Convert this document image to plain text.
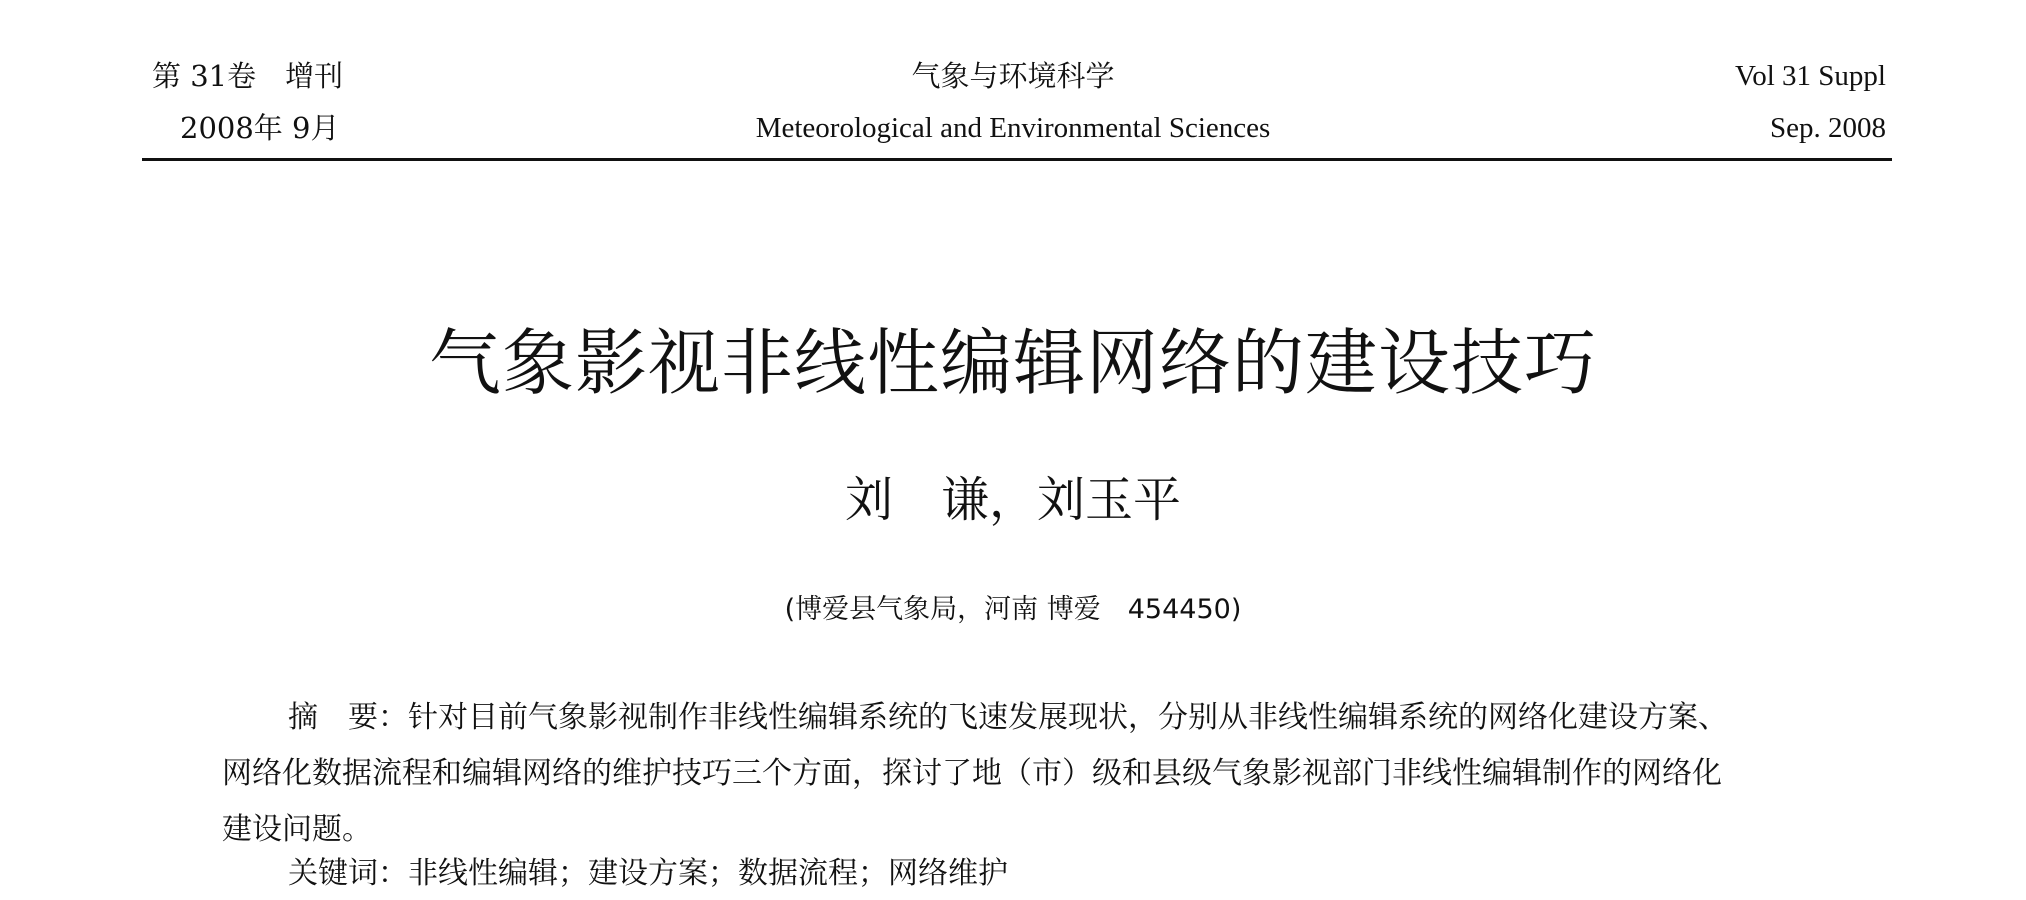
第 31卷　增刊
2008年 9月
气象与环境科学
Meteorological and Environmental Sciences
Vol 31 Suppl
Sep. 2008
气象影视非线性编辑网络的建设技巧
刘　谦，刘玉平
(博爱县气象局，河南 博爱　454450)
摘　要：针对目前气象影视制作非线性编辑系统的飞速发展现状，分别从非线性编辑系统的网络化建设方案、
网络化数据流程和编辑网络的维护技巧三个方面，探讨了地（市）级和县级气象影视部门非线性编辑制作的网络化
建设问题。
关键词：非线性编辑；建设方案；数据流程；网络维护
